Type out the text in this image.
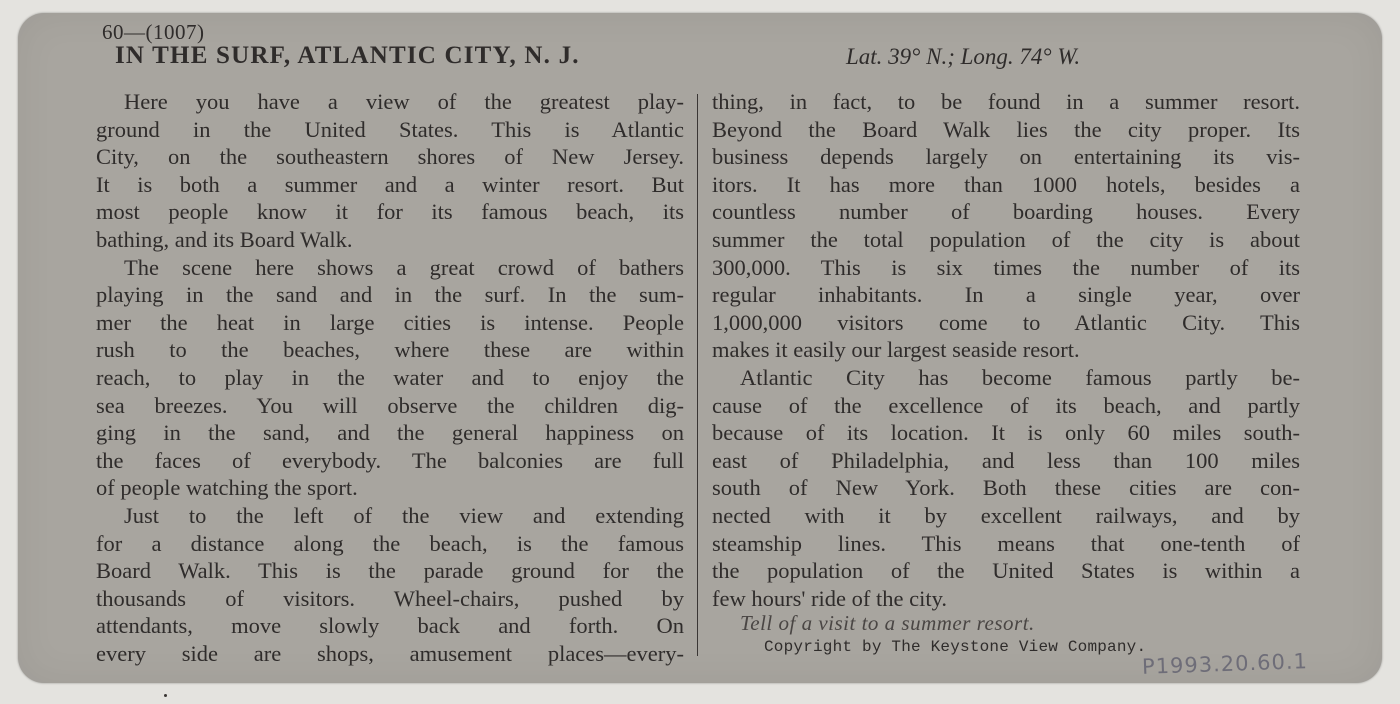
60—(1007)
IN THE SURF, ATLANTIC CITY, N. J.	Lat. 39° N.; Long. 74° W.

Here you have a view of the greatest play-

ground in the United States. This is Atlantic

City, on the southeastern shores of New Jersey.

It is both a summer and a winter resort. But

most people know it for its famous beach, its

bathing, and its Board Walk.

The scene here shows a great crowd of bathers

playing in the sand and in the surf. In the sum-

mer the heat in large cities is intense. People

rush to the beaches, where these are within

reach, to play in the water and to enjoy the

sea breezes. You will observe the children dig-

ging in the sand, and the general happiness on

the faces of everybody. The balconies are full

of people watching the sport.

Just to the left of the view and extending

for a distance along the beach, is the famous

Board Walk. This is the parade ground for the

thousands of visitors. Wheel-chairs, pushed by

attendants, move slowly back and forth. On

every side are shops, amusement places—every-

thing, in fact, to be found in a summer resort.

Beyond the Board Walk lies the city proper. Its

business depends largely on entertaining its vis-

itors. It has more than 1000 hotels, besides a

countless number of boarding houses. Every

summer the total population of the city is about

300,000. This is six times the number of its

regular inhabitants. In a single year, over

1,000,000 visitors come to Atlantic City. This

makes it easily our largest seaside resort.

Atlantic City has become famous partly be-

cause of the excellence of its beach, and partly

because of its location. It is only 60 miles south-

east of Philadelphia, and less than 100 miles

south of New York. Both these cities are con-

nected with it by excellent railways, and by

steamship lines. This means that one-tenth of

the population of the United States is within a

few hours' ride of the city.

Tell of a visit to a summer resort.
Copyright by The Keystone View Company.
P1993.20.60.1
